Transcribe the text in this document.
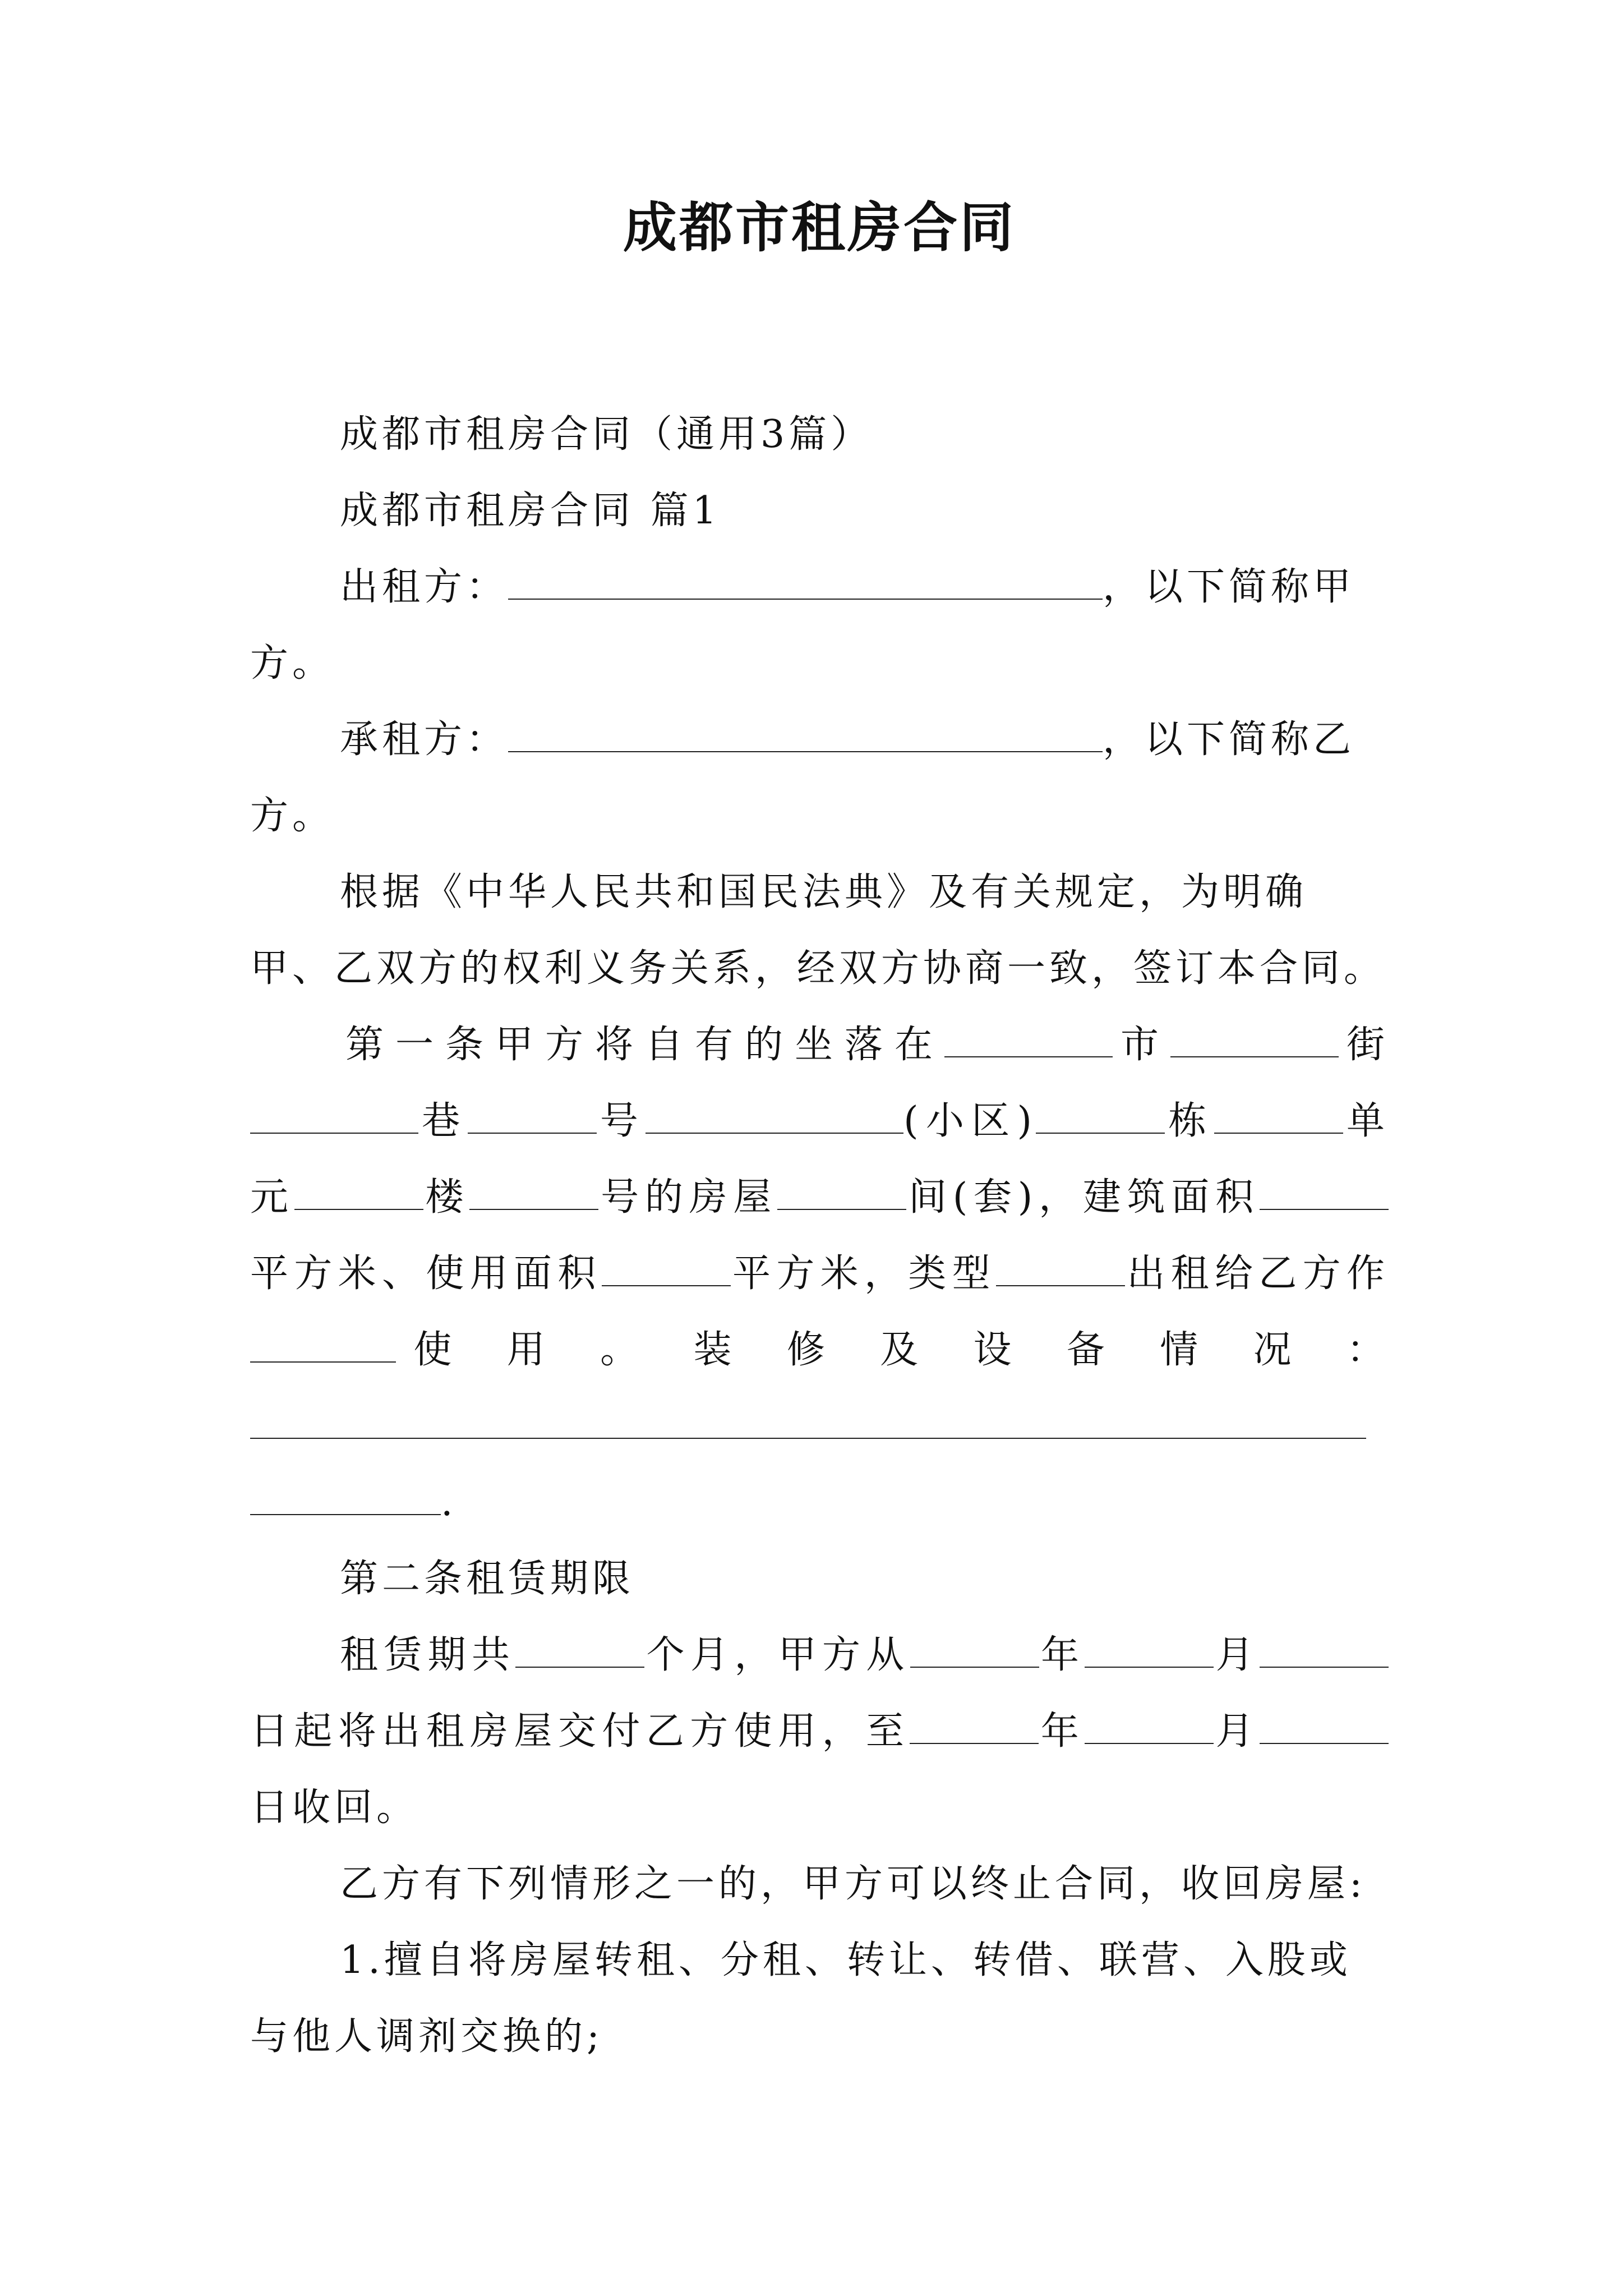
成都市租房合同

成都市租房合同（通用3篇）

成都市租房合同 篇1

出租方：	，以下简称甲

方。

承租方：	，以下简称乙

方。

根据《中华人民共和国民法典》及有关规定，为明确甲、乙双方的权利义务关系，经双方协商一致，签订本合同。

第一条甲方将自有的坐落在	市	街

巷	号	(小区)	栋	单

元	楼	号的房屋	间(套)，建筑面积

平方米、使用面积	平方米，类型	出租给乙方作

使 用 。 装 修 及 设 备 情 况 ：

.

第二条租赁期限

租赁期共	个月，甲方从	年	月

日起将出租房屋交付乙方使用，至	年	月

日收回。

乙方有下列情形之一的，甲方可以终止合同，收回房屋:

1.擅自将房屋转租、分租、转让、转借、联营、入股或与他人调剂交换的;
